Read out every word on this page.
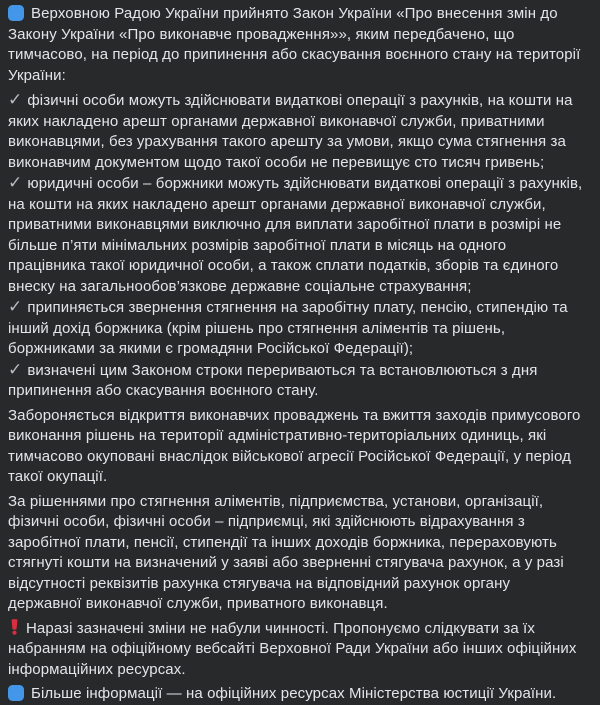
Верховною Радою України прийнято Закон України «Про внесення змін до Закону України «Про виконавче провадження»», яким передбачено, що тимчасово, на період до припинення або скасування воєнного стану на території України:

✓ фізичні особи можуть здійснювати видаткові операції з рахунків, на кошти на яких накладено арешт органами державної виконавчої служби, приватними виконавцями, без урахування такого арешту за умови, якщо сума стягнення за виконавчим документом щодо такої особи не перевищує сто тисяч гривень;

✓ юридичні особи – боржники можуть здійснювати видаткові операції з рахунків, на кошти на яких накладено арешт органами державної виконавчої служби, приватними виконавцями виключно для виплати заробітної плати в розмірі не більше п’яти мінімальних розмірів заробітної плати в місяць на одного працівника такої юридичної особи, а також сплати податків, зборів та єдиного внеску на загальнообов’язкове державне соціальне страхування;

✓ припиняється звернення стягнення на заробітну плату, пенсію, стипендію та інший дохід боржника (крім рішень про стягнення аліментів та рішень, боржниками за якими є громадяни Російської Федерації);

✓ визначені цим Законом строки перериваються та встановлюються з дня припинення або скасування воєнного стану.

Забороняється відкриття виконавчих проваджень та вжиття заходів примусового виконання рішень на території адміністративно-територіальних одиниць, які тимчасово окуповані внаслідок військової агресії Російської Федерації, у період такої окупації.

За рішеннями про стягнення аліментів, підприємства, установи, організації, фізичні особи, фізичні особи – підприємці, які здійснюють відрахування з заробітної плати, пенсії, стипендії та інших доходів боржника, перераховують стягнуті кошти на визначений у заяві або зверненні стягувача рахунок, а у разі відсутності реквізитів рахунка стягувача на відповідний рахунок органу державної виконавчої служби, приватного виконавця.

Наразі зазначені зміни не набули чинності. Пропонуємо слідкувати за їх набранням на офіційному вебсайті Верховної Ради України або інших офіційних інформаційних ресурсах.

Більше інформації — на офіційних ресурсах Міністерства юстиції України.
